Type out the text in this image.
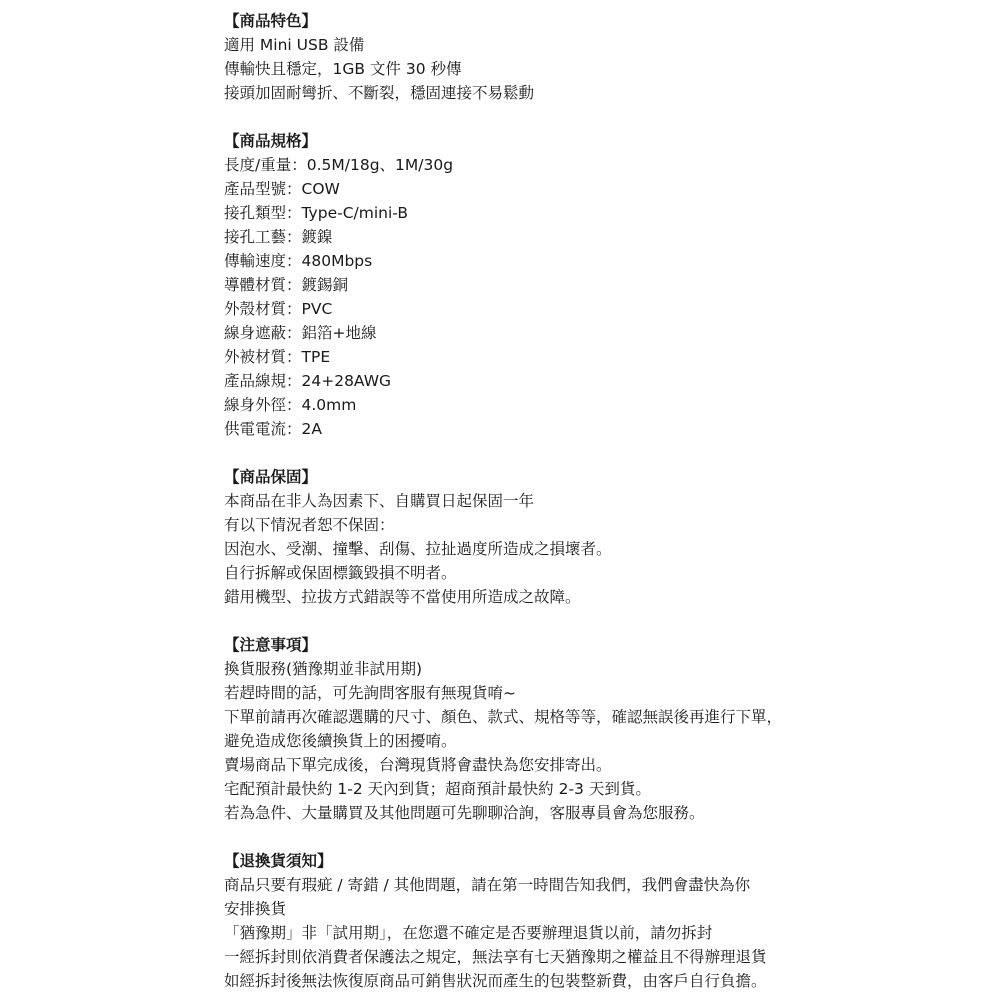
【商品特色】
適用 Mini USB 設備
傳輸快且穩定，1GB 文件 30 秒傳
接頭加固耐彎折、不斷裂，穩固連接不易鬆動
【商品規格】
長度/重量：0.5M/18g、1M/30g
產品型號：COW
接孔類型：Type-C/mini-B
接孔工藝：鍍鎳
傳輸速度：480Mbps
導體材質：鍍錫銅
外殼材質：PVC
線身遮蔽：鋁箔+地線
外被材質：TPE
產品線規：24+28AWG
線身外徑：4.0mm
供電電流：2A
【商品保固】
本商品在非人為因素下、自購買日起保固一年
有以下情況者恕不保固：
因泡水、受潮、撞擊、刮傷、拉扯過度所造成之損壞者。
自行拆解或保固標籤毀損不明者。
錯用機型、拉拔方式錯誤等不當使用所造成之故障。
【注意事項】
換貨服務(猶豫期並非試用期)
若趕時間的話，可先詢問客服有無現貨唷~
下單前請再次確認選購的尺寸、顏色、款式、規格等等，確認無誤後再進行下單，
避免造成您後續換貨上的困擾唷。
賣場商品下單完成後，台灣現貨將會盡快為您安排寄出。
宅配預計最快約 1-2 天內到貨；超商預計最快約 2-3 天到貨。
若為急件、大量購買及其他問題可先聊聊洽詢，客服專員會為您服務。
【退換貨須知】
商品只要有瑕疵 / 寄錯 / 其他問題，請在第一時間告知我們，我們會盡快為你
安排換貨
「猶豫期」非「試用期」，在您還不確定是否要辦理退貨以前，請勿拆封
一經拆封則依消費者保護法之規定，無法享有七天猶豫期之權益且不得辦理退貨
如經拆封後無法恢復原商品可銷售狀況而產生的包裝整新費，由客戶自行負擔。
